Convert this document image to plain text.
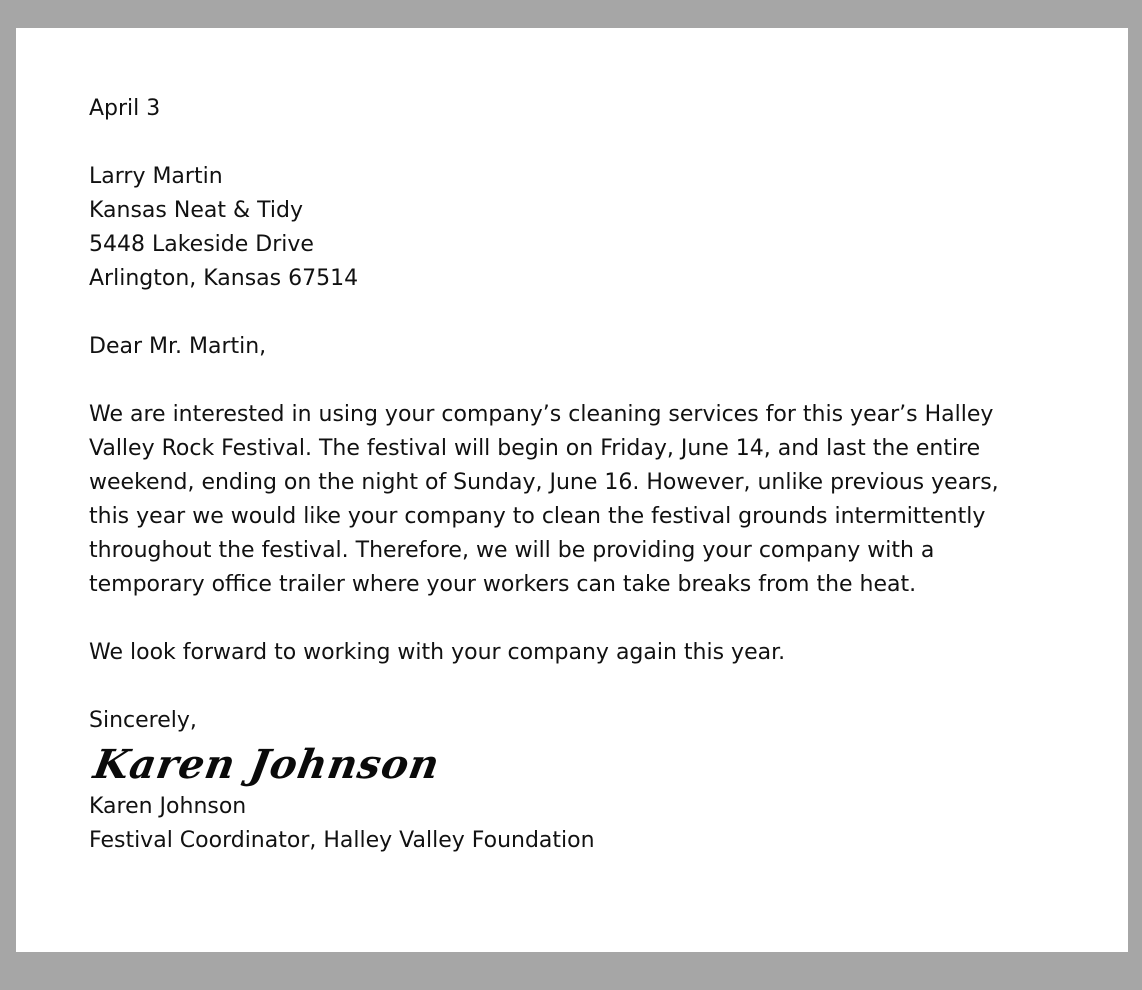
April 3

Larry Martin
Kansas Neat & Tidy
5448 Lakeside Drive
Arlington, Kansas 67514

Dear Mr. Martin,

We are interested in using your company’s cleaning services for this year’s Halley
Valley Rock Festival. The festival will begin on Friday, June 14, and last the entire
weekend, ending on the night of Sunday, June 16. However, unlike previous years,
this year we would like your company to clean the festival grounds intermittently
throughout the festival. Therefore, we will be providing your company with a
temporary office trailer where your workers can take breaks from the heat.

We look forward to working with your company again this year.

Sincerely,

Karen Johnson

Karen Johnson
Festival Coordinator, Halley Valley Foundation
